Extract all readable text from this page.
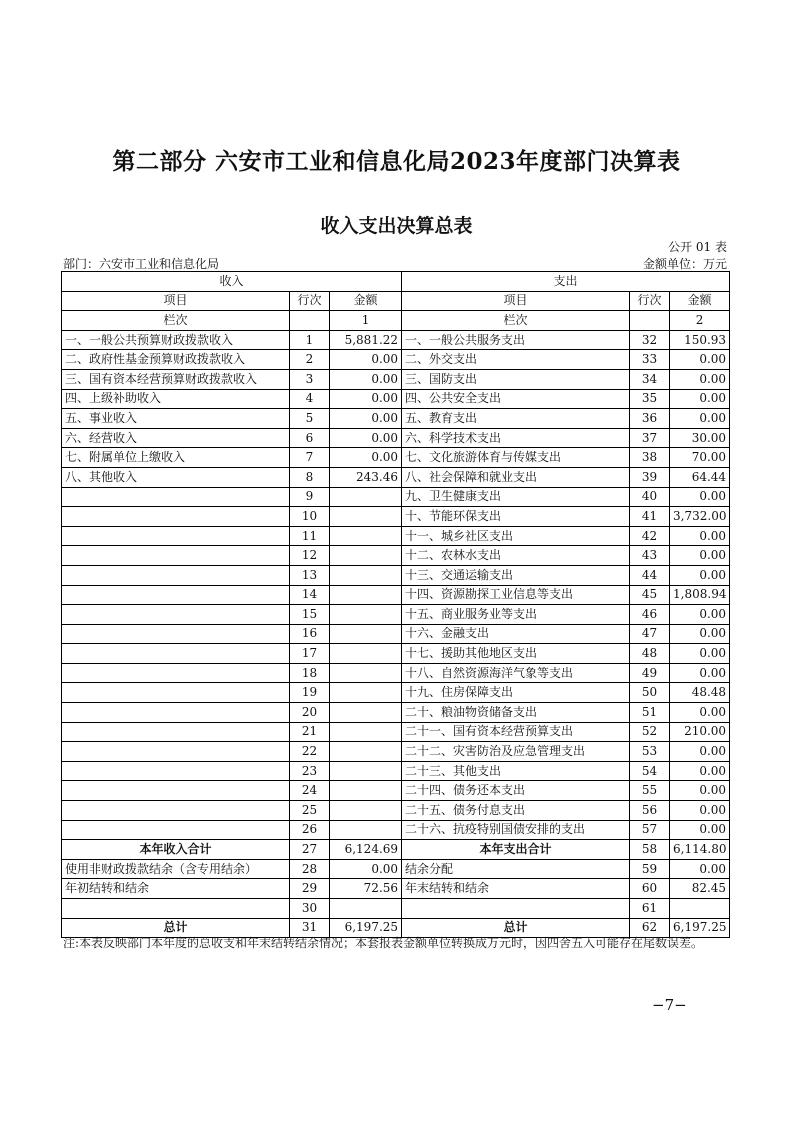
第二部分 六安市工业和信息化局2023年度部门决算表
收入支出决算总表
公开 01 表
部门：六安市工业和信息化局	金额单位：万元
收入			支出		
项目	行次	金额	项目	行次	金额
栏次		1	栏次		2
一、一般公共预算财政拨款收入	1	5,881.22	一、一般公共服务支出	32	150.93
二、政府性基金预算财政拨款收入	2	0.00	二、外交支出	33	0.00
三、国有资本经营预算财政拨款收入	3	0.00	三、国防支出	34	0.00
四、上级补助收入	4	0.00	四、公共安全支出	35	0.00
五、事业收入	5	0.00	五、教育支出	36	0.00
六、经营收入	6	0.00	六、科学技术支出	37	30.00
七、附属单位上缴收入	7	0.00	七、文化旅游体育与传媒支出	38	70.00
八、其他收入	8	243.46	八、社会保障和就业支出	39	64.44
	9		九、卫生健康支出	40	0.00
	10		十、节能环保支出	41	3,732.00
	11		十一、城乡社区支出	42	0.00
	12		十二、农林水支出	43	0.00
	13		十三、交通运输支出	44	0.00
	14		十四、资源勘探工业信息等支出	45	1,808.94
	15		十五、商业服务业等支出	46	0.00
	16		十六、金融支出	47	0.00
	17		十七、援助其他地区支出	48	0.00
	18		十八、自然资源海洋气象等支出	49	0.00
	19		十九、住房保障支出	50	48.48
	20		二十、粮油物资储备支出	51	0.00
	21		二十一、国有资本经营预算支出	52	210.00
	22		二十二、灾害防治及应急管理支出	53	0.00
	23		二十三、其他支出	54	0.00
	24		二十四、债务还本支出	55	0.00
	25		二十五、债务付息支出	56	0.00
	26		二十六、抗疫特别国债安排的支出	57	0.00
本年收入合计	27	6,124.69	本年支出合计	58	6,114.80
使用非财政拨款结余（含专用结余）	28	0.00	结余分配	59	0.00
年初结转和结余	29	72.56	年末结转和结余	60	82.45
	30			61	
总计	31	6,197.25	总计	62	6,197.25
注:本表反映部门本年度的总收支和年末结转结余情况；本套报表金额单位转换成万元时，因四舍五入可能存在尾数误差。
−7−
